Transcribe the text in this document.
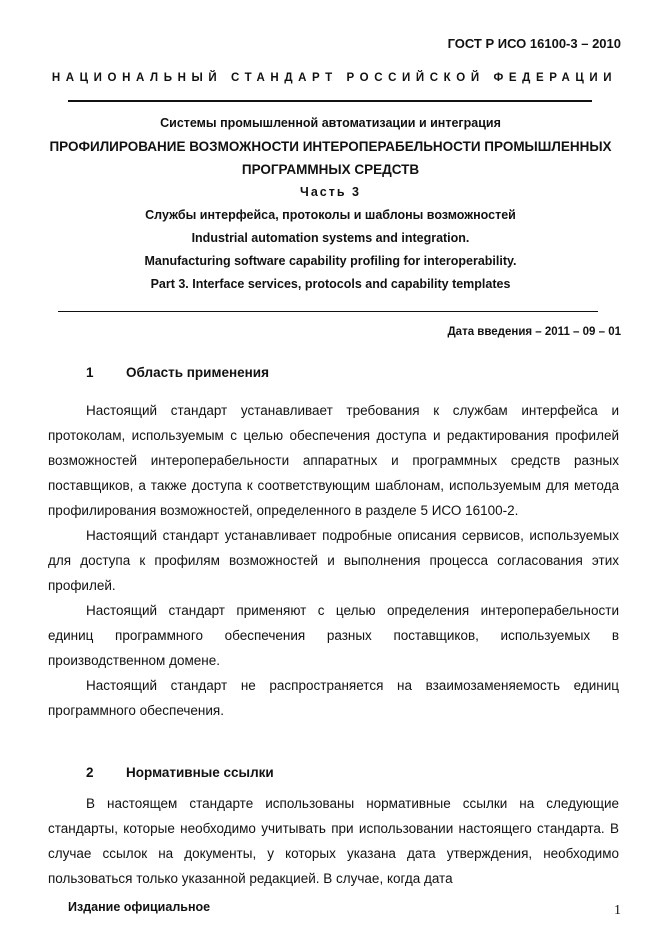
ГОСТ Р ИСО 16100-3 – 2010
НАЦИОНАЛЬНЫЙ СТАНДАРТ РОССИЙСКОЙ ФЕДЕРАЦИИ
Системы промышленной автоматизации и интеграция
ПРОФИЛИРОВАНИЕ ВОЗМОЖНОСТИ ИНТЕРОПЕРАБЕЛЬНОСТИ ПРОМЫШЛЕННЫХ
ПРОГРАММНЫХ СРЕДСТВ
Часть 3
Службы интерфейса, протоколы и шаблоны возможностей
Industrial automation systems and integration.
Manufacturing software capability profiling for interoperability.
Part 3. Interface services, protocols and capability templates
Дата введения – 2011 – 09 – 01
1 Область применения

Настоящий стандарт устанавливает требования к службам интерфейса и протоколам, используемым с целью обеспечения доступа и редактирования профилей возможностей интероперабельности аппаратных и программных средств разных поставщиков, а также доступа к соответствующим шаблонам, используемым для метода профилирования возможностей, определенного в разделе 5 ИСО 16100-2.

Настоящий стандарт устанавливает подробные описания сервисов, используемых для доступа к профилям возможностей и выполнения процесса согласования этих профилей.

Настоящий стандарт применяют с целью определения интероперабельности единиц программного обеспечения разных поставщиков, используемых в производственном домене.

Настоящий стандарт не распространяется на взаимозаменяемость единиц программного обеспечения.

2 Нормативные ссылки

В настоящем стандарте использованы нормативные ссылки на следующие стандарты, которые необходимо учитывать при использовании настоящего стандарта. В случае ссылок на документы, у которых указана дата утверждения, необходимо пользоваться только указанной редакцией. В случае, когда дата

Издание официальное	1
